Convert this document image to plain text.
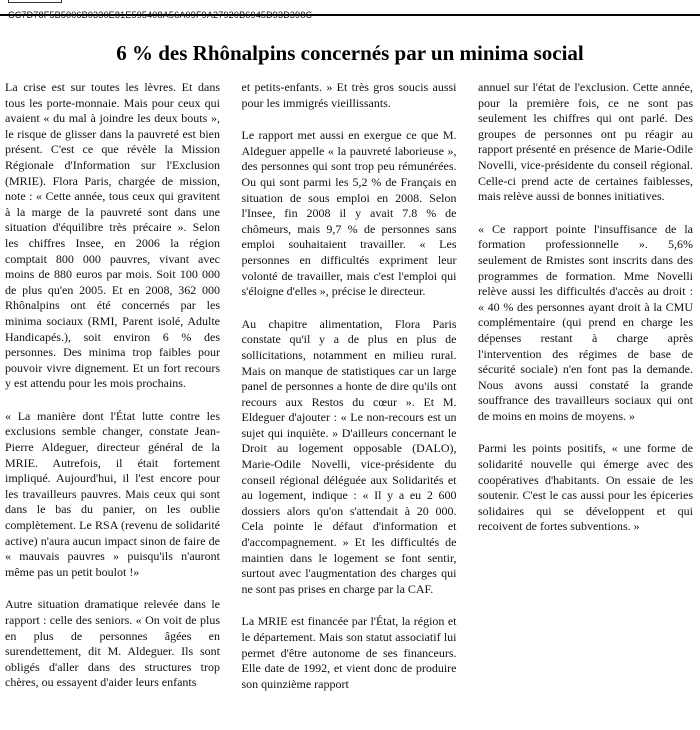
CC7D78F5B5006B0330E81E595408A56A09F9A27920B6945D93D398C
6 % des Rhônalpins concernés par un minima social

La crise est sur toutes les lèvres. Et dans tous les porte-monnaie. Mais pour ceux qui avaient « du mal à joindre les deux bouts », le risque de glisser dans la pauvreté est bien présent. C'est ce que révèle la Mission Régionale d'Information sur l'Exclusion (MRIE). Flora Paris, chargée de mission, note : « Cette année, tous ceux qui gravitent à la marge de la pauvreté sont dans une situation d'équilibre très précaire ». Selon les chiffres Insee, en 2006 la région comptait 800 000 pauvres, vivant avec moins de 880 euros par mois. Soit 100 000 de plus qu'en 2005. Et en 2008, 362 000 Rhônalpins ont été concernés par les minima sociaux (RMI, Parent isolé, Adulte Handicapés.), soit environ 6 % des personnes. Des minima trop faibles pour pouvoir vivre dignement. Et un fort recours y est attendu pour les mois prochains.

« La manière dont l'État lutte contre les exclusions semble changer, constate Jean-Pierre Aldeguer, directeur général de la MRIE. Autrefois, il était fortement impliqué. Aujourd'hui, il l'est encore pour les travailleurs pauvres. Mais ceux qui sont dans le bas du panier, on les oublie complètement. Le RSA (revenu de solidarité active) n'aura aucun impact sinon de faire de « mauvais pauvres » puisqu'ils n'auront même pas un petit boulot !»

Autre situation dramatique relevée dans le rapport : celle des seniors. « On voit de plus en plus de personnes âgées en surendettement, dit M. Aldeguer. Ils sont obligés d'aller dans des structures trop chères, ou essayent d'aider leurs enfants

et petits-enfants. » Et très gros soucis aussi pour les immigrés vieillissants.

Le rapport met aussi en exergue ce que M. Aldeguer appelle « la pauvreté laborieuse », des personnes qui sont trop peu rémunérées. Ou qui sont parmi les 5,2 % de Français en situation de sous emploi en 2008. Selon l'Insee, fin 2008 il y avait 7.8 % de chômeurs, mais 9,7 % de personnes sans emploi souhaitaient travailler. « Les personnes en difficultés expriment leur volonté de travailler, mais c'est l'emploi qui s'éloigne d'elles », précise le directeur.

Au chapitre alimentation, Flora Paris constate qu'il y a de plus en plus de sollicitations, notamment en milieu rural. Mais on manque de statistiques car un large panel de personnes a honte de dire qu'ils ont recours aux Restos du cœur ». Et M. Eldeguer d'ajouter : « Le non-recours est un sujet qui inquiète. » D'ailleurs concernant le Droit au logement opposable (DALO), Marie-Odile Novelli, vice-présidente du conseil régional déléguée aux Solidarités et au logement, indique : « Il y a eu 2 600 dossiers alors qu'on s'attendait à 20 000. Cela pointe le défaut d'information et d'accompagnement. » Et les difficultés de maintien dans le logement se font sentir, surtout avec l'augmentation des charges qui ne sont pas prises en charge par la CAF.

La MRIE est financée par l'État, la région et le département. Mais son statut associatif lui permet d'être autonome de ses financeurs. Elle date de 1992, et vient donc de produire son quinzième rapport

annuel sur l'état de l'exclusion. Cette année, pour la première fois, ce ne sont pas seulement les chiffres qui ont parlé. Des groupes de personnes ont pu réagir au rapport présenté en présence de Marie-Odile Novelli, vice-présidente du conseil régional. Celle-ci prend acte de certaines faiblesses, mais relève aussi de bonnes initiatives.

« Ce rapport pointe l'insuffisance de la formation professionnelle ». 5,6% seulement de Rmistes sont inscrits dans des programmes de formation. Mme Novelli relève aussi les difficultés d'accès au droit : « 40 % des personnes ayant droit à la CMU complémentaire (qui prend en charge les dépenses restant à charge après l'intervention des régimes de base de sécurité sociale) n'en font pas la demande. Nous avons aussi constaté la grande souffrance des travailleurs sociaux qui ont de moins en moins de moyens. »

Parmi les points positifs, « une forme de solidarité nouvelle qui émerge avec des coopératives d'habitants. On essaie de les soutenir. C'est le cas aussi pour les épiceries solidaires qui se développent et qui recoivent de fortes subventions. »
